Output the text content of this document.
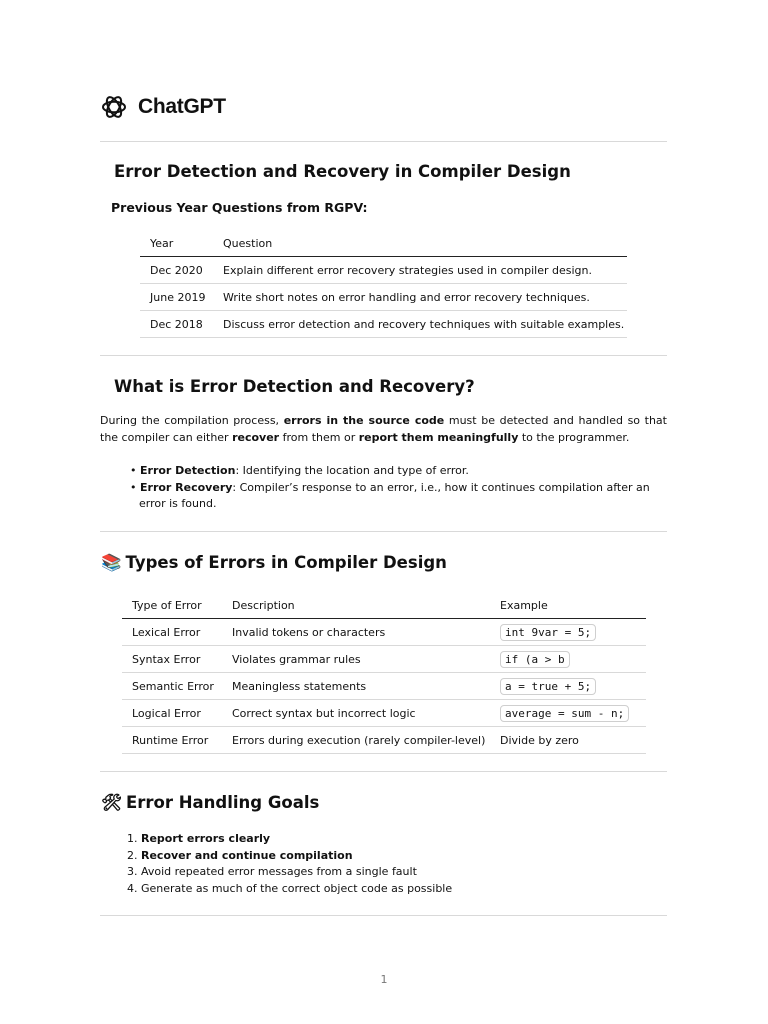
ChatGPT
Error Detection and Recovery in Compiler Design

Previous Year Questions from RGPV:

Year	Question
Dec 2020	Explain different error recovery strategies used in compiler design.
June 2019	Write short notes on error handling and error recovery techniques.
Dec 2018	Discuss error detection and recovery techniques with suitable examples.
What is Error Detection and Recovery?

During the compilation process, errors in the source code must be detected and handled so that the compiler can either recover from them or report them meaningfully to the programmer.

• Error Detection: Identifying the location and type of error.
• Error Recovery: Compiler’s response to an error, i.e., how it continues compilation after an error is found.
📚 Types of Errors in Compiler Design
Type of Error	Description	Example
Lexical Error	Invalid tokens or characters	int 9var = 5;
Syntax Error	Violates grammar rules	if (a > b
Semantic Error	Meaningless statements	a = true + 5;
Logical Error	Correct syntax but incorrect logic	average = sum - n;
Runtime Error	Errors during execution (rarely compiler-level)	Divide by zero
🛠 Error Handling Goals
1. Report errors clearly
2. Recover and continue compilation
3. Avoid repeated error messages from a single fault
4. Generate as much of the correct object code as possible
1
